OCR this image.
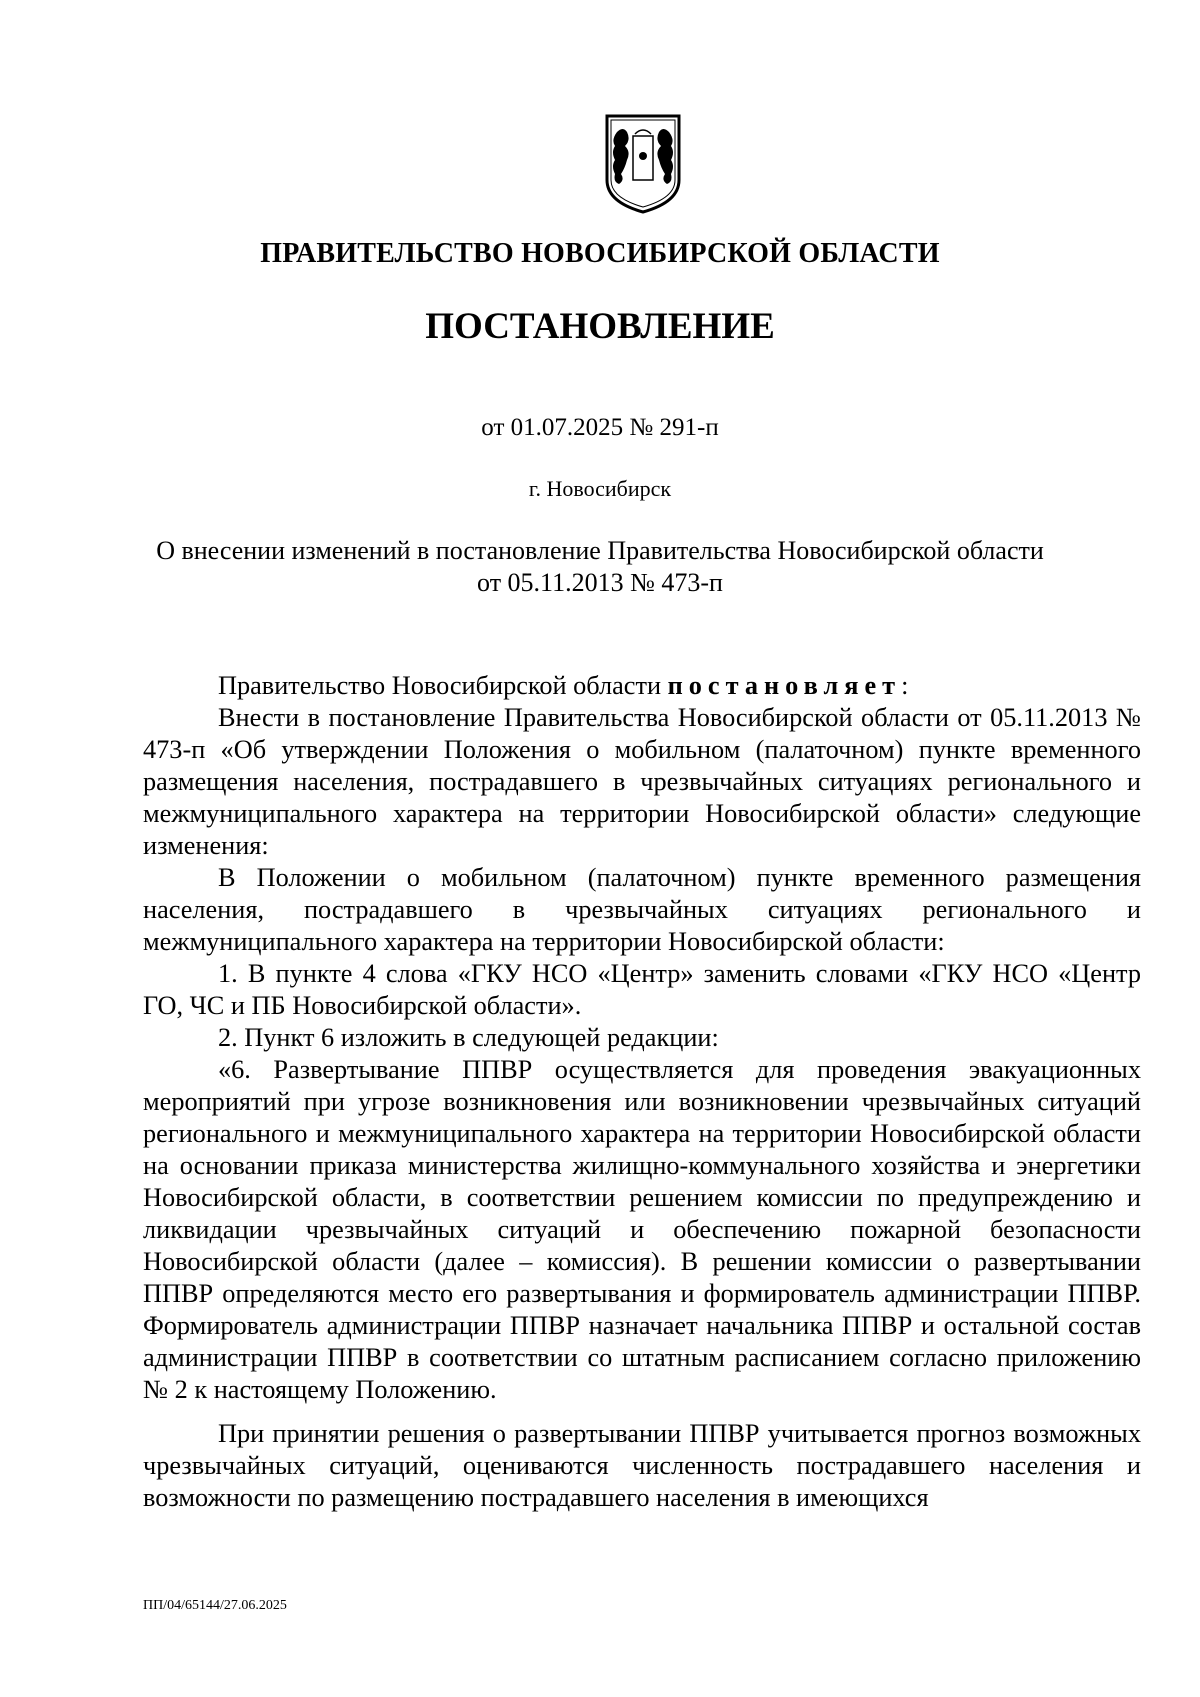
ПРАВИТЕЛЬСТВО НОВОСИБИРСКОЙ ОБЛАСТИ
ПОСТАНОВЛЕНИЕ
от 01.07.2025 № 291-п
г. Новосибирск
О внесении изменений в постановление Правительства Новосибирской области
от 05.11.2013 № 473-п

Правительство Новосибирской области постановляет:

Внести в постановление Правительства Новосибирской области от 05.11.2013 № 473-п «Об утверждении Положения о мобильном (палаточном) пункте временного размещения населения, пострадавшего в чрезвычайных ситуациях регионального и межмуниципального характера на территории Новосибирской области» следующие изменения:

В Положении о мобильном (палаточном) пункте временного размещения населения, пострадавшего в чрезвычайных ситуациях регионального и межмуниципального характера на территории Новосибирской области:

1. В пункте 4 слова «ГКУ НСО «Центр» заменить словами «ГКУ НСО «Центр ГО, ЧС и ПБ Новосибирской области».

2. Пункт 6 изложить в следующей редакции:

«6. Развертывание ППВР осуществляется для проведения эвакуационных мероприятий при угрозе возникновения или возникновении чрезвычайных ситуаций регионального и межмуниципального характера на территории Новосибирской области на основании приказа министерства жилищно-коммунального хозяйства и энергетики Новосибирской области, в соответствии решением комиссии по предупреждению и ликвидации чрезвычайных ситуаций и обеспечению пожарной безопасности Новосибирской области (далее – комиссия). В решении комиссии о развертывании ППВР определяются место его развертывания и формирователь администрации ППВР. Формирователь администрации ППВР назначает начальника ППВР и остальной состав администрации ППВР в соответствии со штатным расписанием согласно приложению № 2 к настоящему Положению.

При принятии решения о развертывании ППВР учитывается прогноз возможных чрезвычайных ситуаций, оцениваются численность пострадавшего населения и возможности по размещению пострадавшего населения в имеющихся

ПП/04/65144/27.06.2025
